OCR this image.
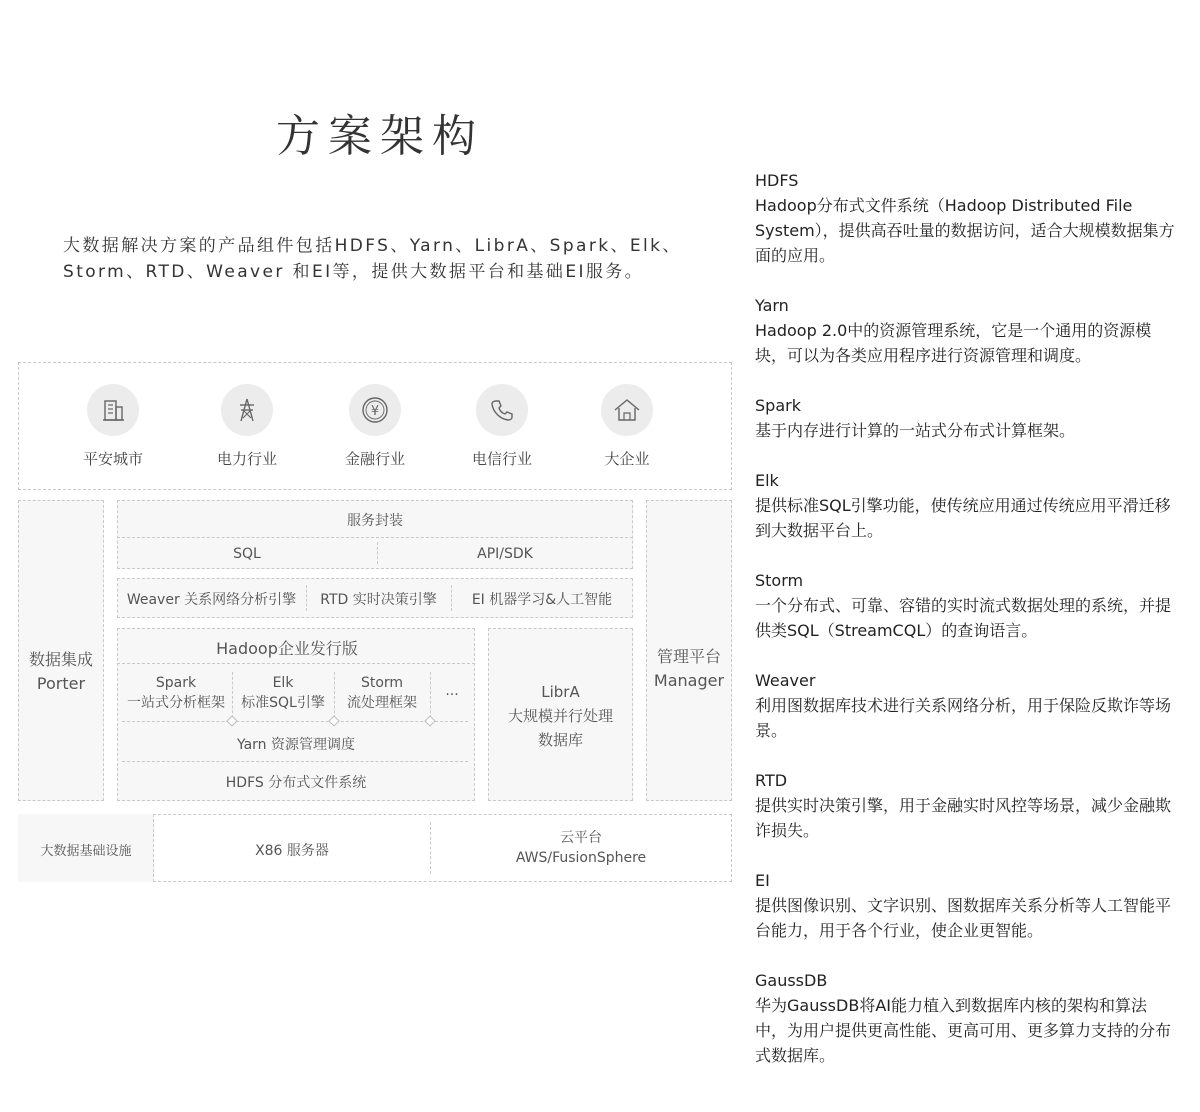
方案架构
大数据解决方案的产品组件包括HDFS、Yarn、LibrA、Spark、Elk、
Storm、RTD、Weaver 和EI等，提供大数据平台和基础EI服务。
平安城市	电力行业
¥
金融行业	电信行业	大企业
数据集成
Porter
管理平台
Manager
服务封装
SQL	API/SDK
Weaver 关系网络分析引擎	RTD 实时决策引擎	EI 机器学习&人工智能
Hadoop企业发行版
Spark
一站式分析框架
Elk
标准SQL引擎
Storm
流处理框架
...
Yarn 资源管理调度
HDFS 分布式文件系统
LibrA
大规模并行处理
数据库
大数据基础设施	X86 服务器
云平台
AWS/FusionSphere
HDFS
Hadoop分布式文件系统（Hadoop Distributed File System），提供高吞吐量的数据访问，适合大规模数据集方面的应用。
Yarn
Hadoop 2.0中的资源管理系统，它是一个通用的资源模块，可以为各类应用程序进行资源管理和调度。
Spark
基于内存进行计算的一站式分布式计算框架。
Elk
提供标准SQL引擎功能，使传统应用通过传统应用平滑迁移到大数据平台上。
Storm
一个分布式、可靠、容错的实时流式数据处理的系统，并提供类SQL（StreamCQL）的查询语言。
Weaver
利用图数据库技术进行关系网络分析，用于保险反欺诈等场景。
RTD
提供实时决策引擎，用于金融实时风控等场景，减少金融欺诈损失。
EI
提供图像识别、文字识别、图数据库关系分析等人工智能平台能力，用于各个行业，使企业更智能。
GaussDB
华为GaussDB将AI能力植入到数据库内核的架构和算法中，为用户提供更高性能、更高可用、更多算力支持的分布式数据库。
